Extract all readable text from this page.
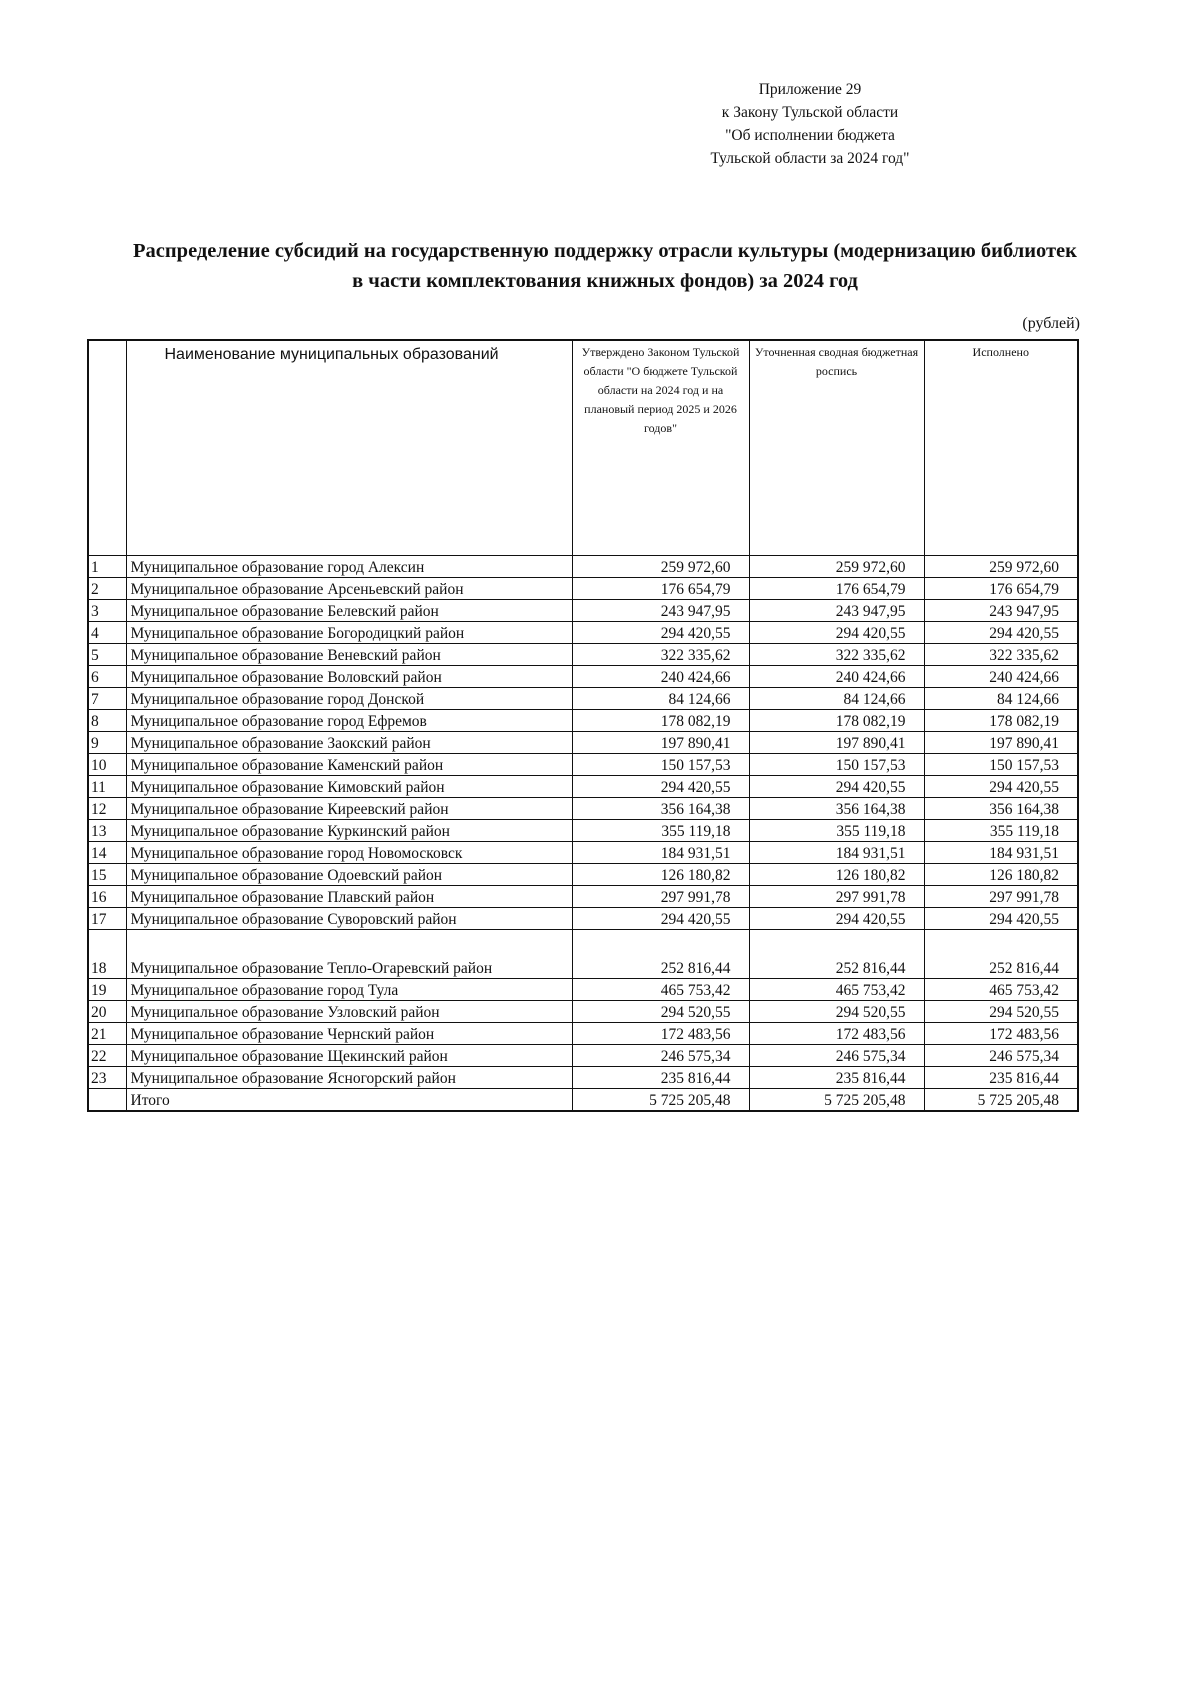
Приложение 29
к Закону Тульской области
"Об исполнении бюджета
Тульской области за 2024 год"
Распределение субсидий на государственную поддержку отрасли культуры (модернизацию библиотек
в части комплектования книжных фондов) за 2024 год
(рублей)
	Наименование муниципальных образований	Утверждено Законом Тульской области "О бюджете Тульской области на 2024 год и на плановый период 2025 и 2026 годов"	Уточненная сводная бюджетная роспись	Исполнено
1	Муниципальное образование город Алексин	259 972,60	259 972,60	259 972,60
2	Муниципальное образование Арсеньевский район	176 654,79	176 654,79	176 654,79
3	Муниципальное образование Белевский район	243 947,95	243 947,95	243 947,95
4	Муниципальное образование Богородицкий район	294 420,55	294 420,55	294 420,55
5	Муниципальное образование Веневский район	322 335,62	322 335,62	322 335,62
6	Муниципальное образование Воловский район	240 424,66	240 424,66	240 424,66
7	Муниципальное образование город Донской	84 124,66	84 124,66	84 124,66
8	Муниципальное образование город Ефремов	178 082,19	178 082,19	178 082,19
9	Муниципальное образование Заокский район	197 890,41	197 890,41	197 890,41
10	Муниципальное образование Каменский район	150 157,53	150 157,53	150 157,53
11	Муниципальное образование Кимовский район	294 420,55	294 420,55	294 420,55
12	Муниципальное образование Киреевский район	356 164,38	356 164,38	356 164,38
13	Муниципальное образование Куркинский район	355 119,18	355 119,18	355 119,18
14	Муниципальное образование город Новомосковск	184 931,51	184 931,51	184 931,51
15	Муниципальное образование Одоевский район	126 180,82	126 180,82	126 180,82
16	Муниципальное образование Плавский район	297 991,78	297 991,78	297 991,78
17	Муниципальное образование Суворовский район	294 420,55	294 420,55	294 420,55
18	Муниципальное образование Тепло-Огаревский район	252 816,44	252 816,44	252 816,44
19	Муниципальное образование город Тула	465 753,42	465 753,42	465 753,42
20	Муниципальное образование Узловский район	294 520,55	294 520,55	294 520,55
21	Муниципальное образование Чернский район	172 483,56	172 483,56	172 483,56
22	Муниципальное образование Щекинский район	246 575,34	246 575,34	246 575,34
23	Муниципальное образование Ясногорский район	235 816,44	235 816,44	235 816,44
	Итого	5 725 205,48	5 725 205,48	5 725 205,48
